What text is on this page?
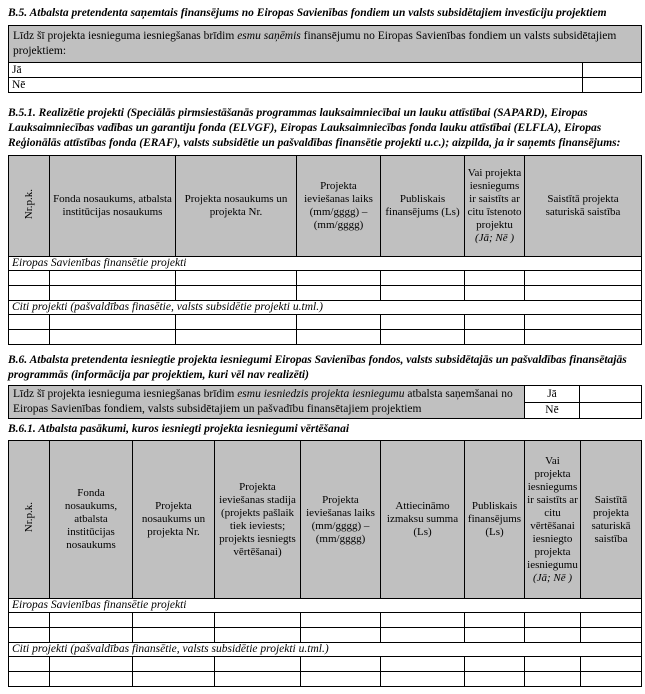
B.5. Atbalsta pretendenta saņemtais finansējums no Eiropas Savienības fondiem un valsts subsidētajiem investīciju projektiem

Līdz šī projekta iesnieguma iesniegšanas brīdim esmu saņēmis finansējumu no Eiropas Savienības fondiem un valsts subsidētajiem projektiem:	
Jā	
Nē	

B.5.1. Realizētie projekti (Speciālās pirmsiestāšanās programmas lauksaimniecībai un lauku attīstībai (SAPARD), Eiropas Lauksaimniecības vadības un garantiju fonda (ELVGF), Eiropas Lauksaimniecības fonda lauku attīstībai (ELFLA), Eiropas Reģionālās attīstības fonda (ERAF), valsts subsidētie un pašvaldības finansētie projekti u.c.); aizpilda, ja ir saņemts finansējums:

Nr.p.k.	Fonda nosaukums, atbalsta institūcijas nosaukums	Projekta nosaukums un projekta Nr.	Projekta ieviešanas laiks (mm/gggg) – (mm/gggg)	Publiskais finansējums (Ls)	Vai projekta iesniegums ir saistīts ar citu īstenoto projektu (Jā; Nē )	Saistītā projekta saturiskā saistība
Eiropas Savienības finansētie projekti						

Citi projekti (pašvaldības finasētie, valsts subsidētie projekti u.tml.)						

B.6. Atbalsta pretendenta iesniegtie projekta iesniegumi Eiropas Savienības fondos, valsts subsidētajās un pašvaldības finansētajās programmās (informācija par projektiem, kuri vēl nav realizēti)

Līdz šī projekta iesnieguma iesniegšanas brīdim esmu iesniedzis projekta iesniegumu atbalsta saņemšanai no Eiropas Savienības fondiem, valsts subsidētajiem un pašvadību finansētajiem projektiem	Jā	
	Nē	

B.6.1. Atbalsta pasākumi, kuros iesniegti projekta iesniegumi vērtēšanai

Nr.p.k.	Fonda nosaukums, atbalsta institūcijas nosaukums	Projekta nosaukums un projekta Nr.	Projekta ieviešanas stadija (projekts pašlaik tiek ieviests; projekts iesniegts vērtēšanai)	Projekta ieviešanas laiks (mm/gggg) – (mm/gggg)	Attiecināmo izmaksu summa (Ls)	Publiskais finansējums (Ls)	Vai projekta iesniegums ir saistīts ar citu vērtēšanai iesniegto projekta iesniegumu (Jā; Nē )	Saistītā projekta saturiskā saistība
Eiropas Savienības finansētie projekti								

Citi projekti (pašvaldības finansētie, valsts subsidētie projekti u.tml.)								
